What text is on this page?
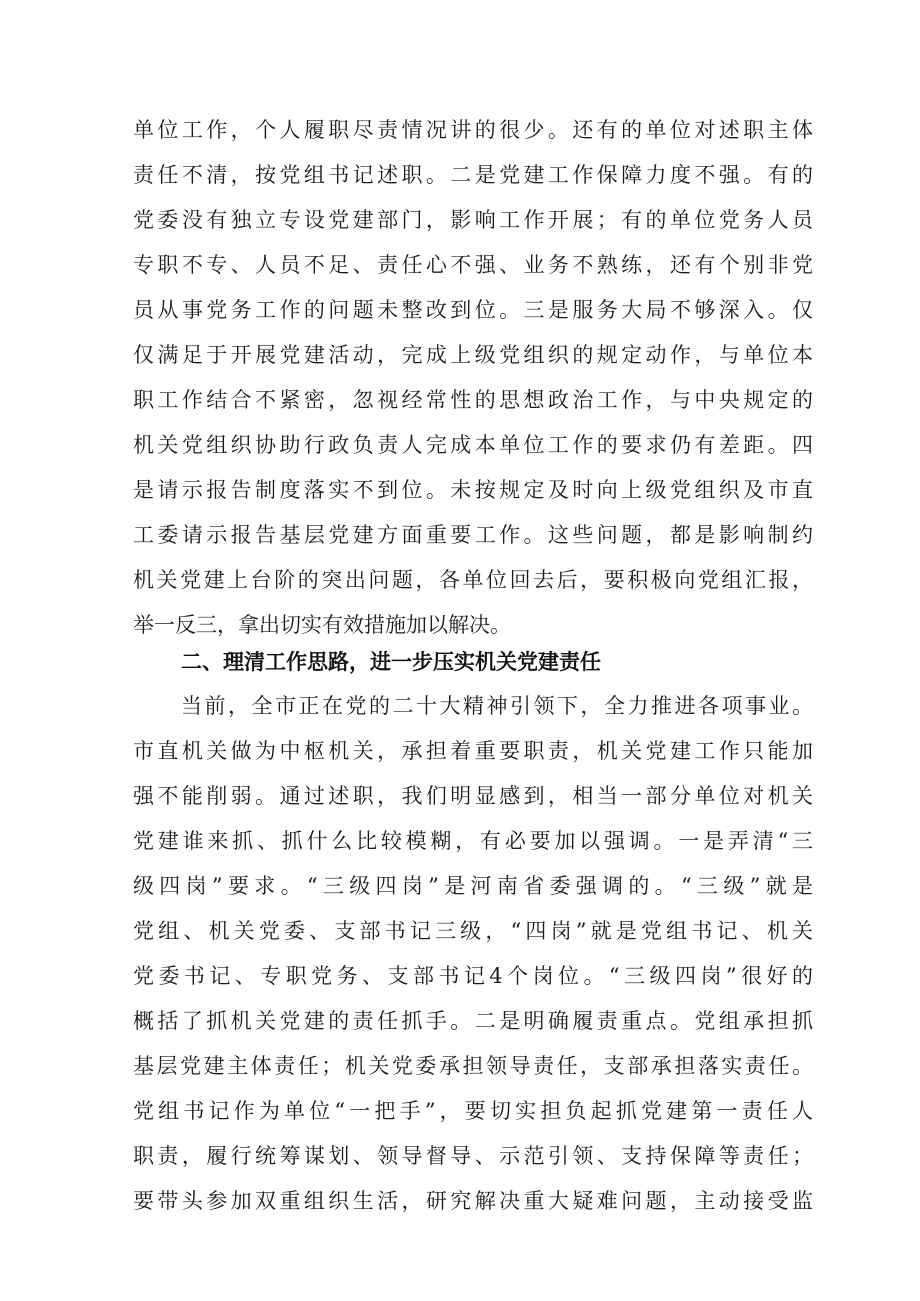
单位工作，个人履职尽责情况讲的很少。还有的单位对述职主体
责任不清，按党组书记述职。二是党建工作保障力度不强。有的
党委没有独立专设党建部门，影响工作开展；有的单位党务人员
专职不专、人员不足、责任心不强、业务不熟练，还有个别非党
员从事党务工作的问题未整改到位。三是服务大局不够深入。仅
仅满足于开展党建活动，完成上级党组织的规定动作，与单位本
职工作结合不紧密，忽视经常性的思想政治工作，与中央规定的
机关党组织协助行政负责人完成本单位工作的要求仍有差距。四
是请示报告制度落实不到位。未按规定及时向上级党组织及市直
工委请示报告基层党建方面重要工作。这些问题，都是影响制约
机关党建上台阶的突出问题，各单位回去后，要积极向党组汇报，
举一反三，拿出切实有效措施加以解决。
二、理清工作思路，进一步压实机关党建责任
当前，全市正在党的二十大精神引领下，全力推进各项事业。
市直机关做为中枢机关，承担着重要职责，机关党建工作只能加
强不能削弱。通过述职，我们明显感到，相当一部分单位对机关
党建谁来抓、抓什么比较模糊，有必要加以强调。一是弄清“三
级四岗”要求。“三级四岗”是河南省委强调的。“三级”就是
党组、机关党委、支部书记三级，“四岗”就是党组书记、机关
党委书记、专职党务、支部书记4个岗位。“三级四岗”很好的
概括了抓机关党建的责任抓手。二是明确履责重点。党组承担抓
基层党建主体责任；机关党委承担领导责任，支部承担落实责任。
党组书记作为单位“一把手”，要切实担负起抓党建第一责任人
职责，履行统筹谋划、领导督导、示范引领、支持保障等责任；
要带头参加双重组织生活，研究解决重大疑难问题，主动接受监
